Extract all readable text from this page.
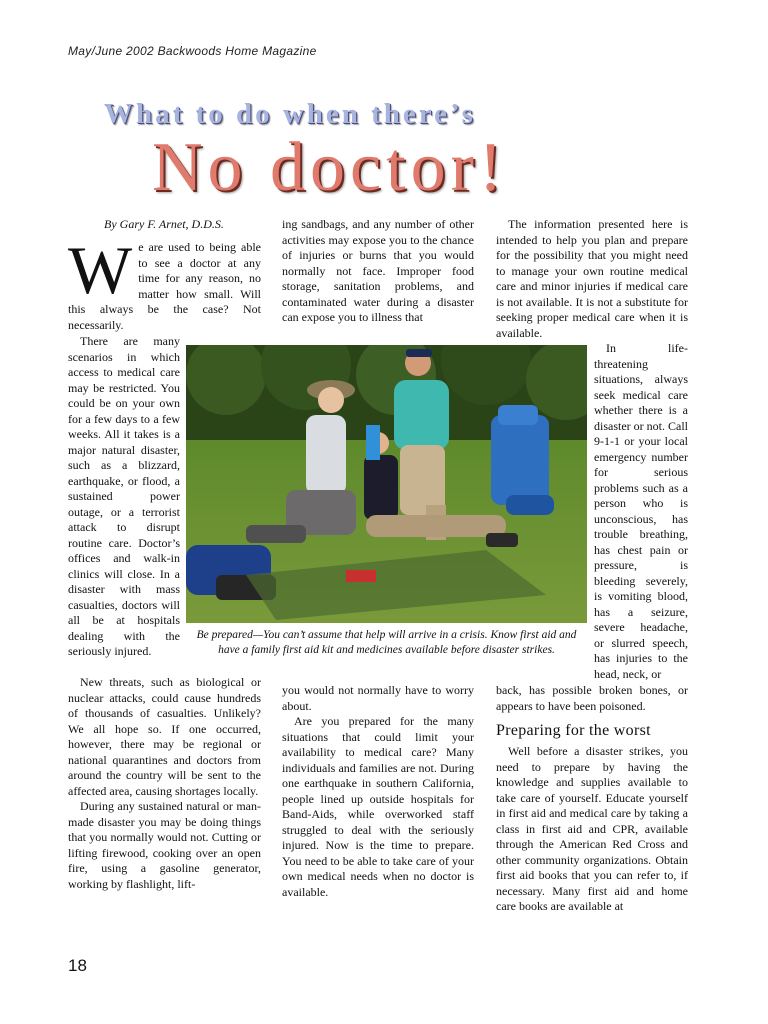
May/June 2002 Backwoods Home Magazine
What to do when there’s
No doctor!
By Gary F. Arnet, D.D.S.
W e are used to being able to see a doctor at any time for any reason, no matter how small. Will this always be the case? Not necessarily.

There are many scenarios in which access to medical care may be restricted. You could be on your own for a few days to a few weeks. All it takes is a major natural disaster, such as a blizzard, earthquake, or flood, a sustained power outage, or a terrorist attack to disrupt routine care. Doctor’s offices and walk-in clinics will close. In a disaster with mass casualties, doctors will all be at hospitals dealing with the seriously injured.

New threats, such as biological or nuclear attacks, could cause hundreds of thousands of casualties. Unlikely? We all hope so. If one occurred, however, there may be regional or national quarantines and doctors from around the country will be sent to the affected area, causing shortages locally.

During any sustained natural or man-made disaster you may be doing things that you normally would not. Cutting or lifting firewood, cooking over an open fire, using a gasoline generator, working by flashlight, lift-

ing sandbags, and any number of other activities may expose you to the chance of injuries or burns that you would normally not face. Improper food storage, sanitation problems, and contaminated water during a disaster can expose you to illness that

you would not normally have to worry about.

Are you prepared for the many situations that could limit your availability to medical care? Many individuals and families are not. During one earthquake in southern California, people lined up outside hospitals for Band-Aids, while overworked staff struggled to deal with the seriously injured. Now is the time to prepare. You need to be able to take care of your own medical needs when no doctor is available.

The information presented here is intended to help you plan and prepare for the possibility that you might need to manage your own routine medical care and minor injuries if medical care is not available. It is not a substitute for seeking proper medical care when it is available.

In life-threatening situations, always seek medical care whether there is a disaster or not. Call 9-1-1 or your local emergency number for serious problems such as a person who is unconscious, has trouble breathing, has chest pain or pressure, is bleeding severely, is vomiting blood, has a seizure, severe headache, or slurred speech, has injuries to the head, neck, or

back, has possible broken bones, or appears to have been poisoned.

Preparing for the worst

Well before a disaster strikes, you need to prepare by having the knowledge and supplies available to take care of yourself. Educate yourself in first aid and medical care by taking a class in first aid and CPR, available through the American Red Cross and other community organizations. Obtain first aid books that you can refer to, if necessary. Many first aid and home care books are available at

Be prepared—You can’t assume that help will arrive in a crisis. Know first aid and have a family first aid kit and medicines available before disaster strikes.
18
